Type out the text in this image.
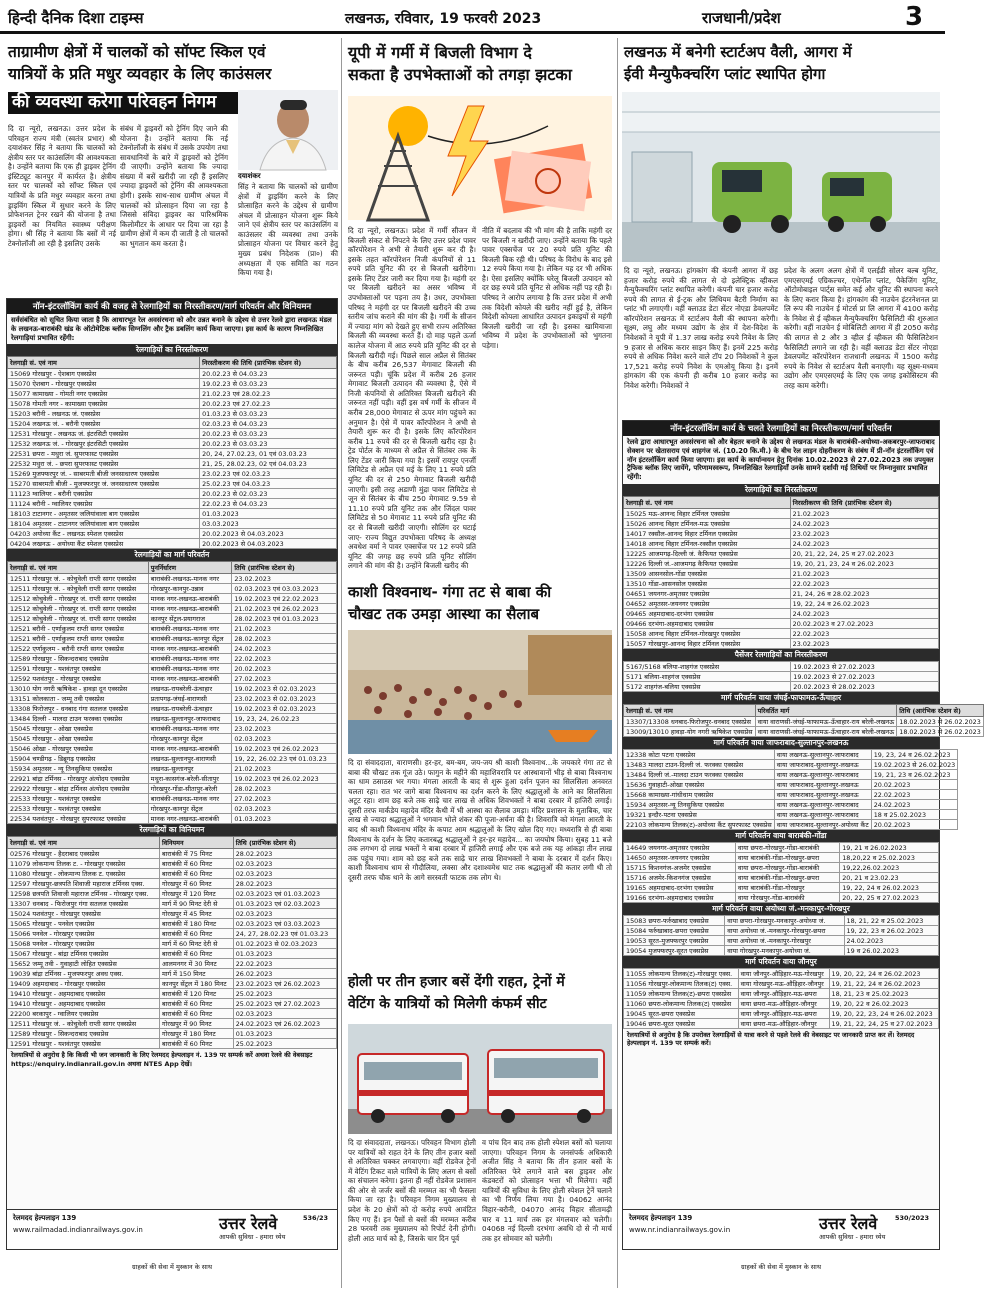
हिन्दी दैनिक दिशा टाइम्स	लखनऊ, रविवार, 19 फरवरी 2023	राजधानी/प्रदेश	3
ताग्रामीण क्षेत्रों में चालकों को सॉफ्ट स्किल एवं
यात्रियों के प्रति मधुर व्यवहार के लिए काउंसलर
की व्यवस्था करेगा परिवहन निगम
दि दा न्यूरो, लखनऊ। उत्तर प्रदेश के परिवहन राज्य मंत्री (स्वतंत्र प्रभार) श्री दयाशंकर सिंह ने बताया कि चालकों को क्षेत्रीय स्तर पर काउंसलिंग की आवश्यकता है। उन्होंने बताया कि एक ही ड्राइवर ट्रेनिंग इंस्टिट्यूट कानपुर में कार्यरत है। क्षेत्रीय स्तर पर चालकों को सॉफ्ट स्किल एवं यात्रियों के प्रति मधुर व्यवहार करना तथा ड्राइविंग स्किल में सुधार करने के लिए प्रोफेशनल ट्रेनर रखने की योजना है तथा ड्राइवरों का नियमित स्वास्थ्य परीक्षण होगा। श्री सिंह ने बताया कि बसों में नई टेक्नोलॉजी आ रही है इसलिए उसके
संबंध में ड्राइवरों को ट्रेनिंग दिए जाने की योजना है। उन्होंने बताया कि नई टेक्नोलॉजी के संबंध में उसके उपयोग तथा सावधानियों के बारे में ड्राइवरों को ट्रेनिंग दी जाएगी। उन्होंने बताया कि ज्यादा संख्या में बसें खरीदी जा रही हैं इसलिए ज्यादा ड्राइवरों को ट्रेनिंग की आवश्यकता होगी। इसके साथ-साथ ग्रामीण अंचल में चालकों को प्रोत्साहन दिया जा रहा है जिससे संविदा ड्राइवर का पारिश्रमिक किलोमीटर के आधार पर दिया जा रहा है ग्रामीण क्षेत्रों में कम दी जाती है तो चालकों का भुगतान कम करता है।
दयाशंकर
सिंह ने बताया कि चालकों को ग्रामीण क्षेत्रों में ड्राइविंग करने के लिए प्रोत्साहित करने के उद्देश्य से ग्रामीण अंचल में प्रोत्साहन योजना शुरू किये जाने एवं क्षेत्रीय स्तर पर काउंसलिंग व काउंसलर की व्यवस्था तथा उनके प्रोत्साहन योजना पर विचार करने हेतु मुख्य प्रबंध निदेशक (प्रा०) की अध्यक्षता में एक समिति का गठन किया गया है।
नॉन-इंटरलॉकिंग कार्य की वजह से रेलगाड़ियों का निरस्तीकरण/मार्ग परिवर्तन और विनियमन
सर्वसंबंधित को सूचित किया जाता है कि आधारभूत रेल अवसंरचना को और उन्नत बनाने के उद्देश्य से उत्तर रेलवे द्वारा लखनऊ मंडल के लखनऊ-बाराबंकी खंड के ऑटोमेटिक ब्लॉक सिग्नलिंग और ट्रैक डबलिंग कार्य किया जाएगा। इस कार्य के कारण निम्नलिखित रेलगाड़ियां प्रभावित रहेंगी:
रेलगाड़ियों का निरस्तीकरण
रेलगाड़ी सं. एवं नाम	निरस्तीकरण की तिथि (प्रारंभिक स्टेशन से)
15069 गोरखपुर - ऐशबाग एक्सप्रेस	20.02.23 से 04.03.23
15070 ऐशबाग - गोरखपुर एक्सप्रेस	19.02.23 से 03.03.23
15077 कामाख्या - गोमती नगर एक्सप्रेस	21.02.23 एवं 28.02.23
15078 गोमती नगर - कामाख्या एक्सप्रेस	20.02.23 एवं 27.02.23
15203 बरौनी - लखनऊ जं. एक्सप्रेस	01.03.23 से 03.03.23
15204 लखनऊ जं. - बरौनी एक्सप्रेस	02.03.23 से 04.03.23
12531 गोरखपुर - लखनऊ जं. इंटरसिटी एक्सप्रेस	20.02.23 से 03.03.23
12532 लखनऊ जं. - गोरखपुर इंटरसिटी एक्सप्रेस	20.02.23 से 03.03.23
22531 छपरा - मथुरा जं. सुपरफास्ट एक्सप्रेस	20, 24, 27.02.23, 01 एवं 03.03.23
22532 मथुरा जं. - छपरा सुपरफास्ट एक्सप्रेस	21, 25, 28.02.23, 02 एवं 04.03.23
15269 मुजफ्फरपुर जं. - साबरमती बीजी जनसाधारण एक्सप्रेस	23.02.23 एवं 02.03.23
15270 साबरमती बीजी - मुजफ्फरपुर जं. जनसाधारण एक्सप्रेस	25.02.23 एवं 04.03.23
11123 ग्वालियर - बरौनी एक्सप्रेस	20.02.23 से 02.03.23
11124 बरौनी - ग्वालियर एक्सप्रेस	22.02.23 से 04.03.23
18103 टाटानगर - अमृतसर जलियांवाला बाग एक्सप्रेस	01.03.2023
18104 अमृतसर - टाटानगर जलियांवाला बाग एक्सप्रेस	03.03.2023
04203 अयोध्या कैंट - लखनऊ स्पेशल एक्सप्रेस	20.02.2023 से 04.03.2023
04204 लखनऊ - अयोध्या कैंट स्पेशल एक्सप्रेस	20.02.2023 से 04.03.2023
रेलगाड़ियों का मार्ग परिवर्तन
रेलगाड़ी सं. एवं नाम	पुनर्निर्धारण	तिथि (प्रारंभिक स्टेशन से)
12511 गोरखपुर जं. - कोचुवेली राप्ती सागर एक्सप्रेस	बाराबंकी-लखनऊ-मानक नगर	23.02.2023
12511 गोरखपुर जं. - कोचुवेली राप्ती सागर एक्सप्रेस	गोरखपुर-कानपुर-उन्नाव	02.03.2023 एवं 03.03.2023
12512 कोचुवेली - गोरखपुर जं. राप्ती सागर एक्सप्रेस	मानक नगर-लखनऊ-बाराबंकी	19.02.2023 एवं 22.02.2023
12512 कोचुवेली - गोरखपुर जं. राप्ती सागर एक्सप्रेस	मानक नगर-लखनऊ-बाराबंकी	21.02.2023 एवं 26.02.2023
12512 कोचुवेली - गोरखपुर जं. राप्ती सागर एक्सप्रेस	कानपुर सेंट्रल-प्रयागराज	28.02.2023 एवं 01.03.2023
12521 बरौनी - एर्णाकुलम राप्ती सागर एक्सप्रेस	बाराबंकी-लखनऊ-मानक नगर	21.02.2023
12521 बरौनी - एर्णाकुलम राप्ती सागर एक्सप्रेस	बाराबंकी-लखनऊ-कानपुर सेंट्रल	28.02.2023
12522 एर्णाकुलम - बरौनी राप्ती सागर एक्सप्रेस	मानक नगर-लखनऊ-बाराबंकी	24.02.2023
12589 गोरखपुर - सिकन्दराबाद एक्सप्रेस	बाराबंकी-लखनऊ-मानक नगर	22.02.2023
12591 गोरखपुर - यशवंतपुर एक्सप्रेस	बाराबंकी-लखनऊ-मानक नगर	20.02.2023
12592 यशवंतपुर - गोरखपुर एक्सप्रेस	मानक नगर-लखनऊ-बाराबंकी	27.02.2023
13010 योग नगरी ऋषिकेश - हावड़ा दून एक्सप्रेस	लखनऊ-रायबरेली-ऊंचाहार	19.02.2023 से 02.03.2023
13151 कोलकाता - जम्मू तवी एक्सप्रेस	प्रतापगढ़-जंघई-वाराणसी	23.02.2023 से 02.03.2023
13308 फिरोजपुर - धनबाद गंगा सतलज एक्सप्रेस	लखनऊ-रायबरेली-ऊंचाहार	19.02.2023 से 02.03.2023
13484 दिल्ली - मालदा टाउन फरक्का एक्सप्रेस	लखनऊ-सुल्तानपुर-जाफराबाद	19, 23, 24, 26.02.23
15045 गोरखपुर - ओखा एक्सप्रेस	बाराबंकी-लखनऊ-मानक नगर	23.02.2023
15045 गोरखपुर - ओखा एक्सप्रेस	गोरखपुर-कानपुर सेंट्रल	02.03.2023
15046 ओखा - गोरखपुर एक्सप्रेस	मानक नगर-लखनऊ-बाराबंकी	19.02.2023 एवं 26.02.2023
15904 चण्डीगढ़ - डिब्रूगढ़ एक्सप्रेस	लखनऊ-सुल्तानपुर-वाराणसी	19, 22, 26.02.23 एवं 01.03.23
15934 अमृतसर - न्यू तिनसुकिया एक्सप्रेस	लखनऊ-सुल्तानपुर	21.02.2023
22921 बांद्रा टर्मिनस - गोरखपुर अंत्योदय एक्सप्रेस	मथुरा-कासगंज-बरेली-सीतापुर	19.02.2023 एवं 26.02.2023
22922 गोरखपुर - बांद्रा टर्मिनस अंत्योदय एक्सप्रेस	गोरखपुर-गोंडा-सीतापुर-बरेली	28.02.2023
22533 गोरखपुर - यशवंतपुर एक्सप्रेस	बाराबंकी-लखनऊ-मानक नगर	27.02.2023
22533 गोरखपुर - यशवंतपुर एक्सप्रेस	गोरखपुर-कानपुर सेंट्रल	02.03.2023
22534 यशवंतपुर - गोरखपुर सुपरफास्ट एक्सप्रेस	मानक नगर-लखनऊ-बाराबंकी	01.03.2023
रेलगाड़ियों का विनियमन
रेलगाड़ी सं. एवं नाम	विनियमन	तिथि (प्रारंभिक स्टेशन से)
02576 गोरखपुर - हैदराबाद एक्सप्रेस	बाराबंकी में 75 मिनट	28.02.2023
11079 लोकमान्य तिलक ट. - गोरखपुर एक्सप्रेस	बाराबंकी में 60 मिनट	02.03.2023
11080 गोरखपुर - लोकमान्य तिलक ट. एक्सप्रेस	बाराबंकी में 60 मिनट	02.03.2023
12597 गोरखपुर-छत्रपति शिवाजी महाराज टर्मिनस एक्स.	गोरखपुर में 60 मिनट	28.02.2023
12598 छत्रपति शिवाजी महाराज टर्मिनस - गोरखपुर एक्स.	गोरखपुर में 120 मिनट	02.03.2023 एवं 01.03.2023
13307 धनबाद - फिरोजपुर गंगा सतलज एक्सप्रेस	मार्ग में 90 मिनट देरी से	01.03.2023 एवं 02.03.2023
15024 यशवंतपुर - गोरखपुर एक्सप्रेस	गोरखपुर में 45 मिनट	02.03.2023
15065 गोरखपुर - पनवेल एक्सप्रेस	बाराबंकी में 180 मिनट	02.03.2023 एवं 03.03.2023
15066 पनवेल - गोरखपुर एक्सप्रेस	बाराबंकी में 60 मिनट	24, 27, 28.02.23 एवं 01.03.23
15068 पनवेल - गोरखपुर एक्सप्रेस	मार्ग में 60 मिनट देरी से	01.02.2023 से 02.03.2023
15067 गोरखपुर - बांद्रा टर्मिनस एक्सप्रेस	बाराबंकी में 60 मिनट	01.03.2023
15652 जम्मू तवी - गुवाहाटी लोहित एक्सप्रेस	आलमनगर में 30 मिनट	22.02.2023
19039 बांद्रा टर्मिनस - मुजफ्फरपुर अवध एक्स.	मार्ग में 150 मिनट	26.02.2023
19409 अहमदाबाद - गोरखपुर एक्सप्रेस	कानपुर सेंट्रल में 180 मिनट	23.02.2023 एवं 26.02.2023
19410 गोरखपुर - अहमदाबाद एक्सप्रेस	बाराबंकी में 120 मिनट	25.02.2023
19410 गोरखपुर - अहमदाबाद एक्सप्रेस	बाराबंकी में 60 मिनट	25.02.2023 एवं 27.02.2023
22200 बरकापुर - ग्वालियर एक्सप्रेस	बाराबंकी में 60 मिनट	02.03.2023
12511 गोरखपुर जं. - कोचुवेली राप्ती सागर एक्सप्रेस	गोरखपुर में 90 मिनट	24.02.2023 एवं 26.02.2023
12589 गोरखपुर - सिकन्दराबाद एक्सप्रेस	गोरखपुर में 180 मिनट	01.03.2023
12591 गोरखपुर - यशवंतपुर एक्सप्रेस	बाराबंकी में 60 मिनट	25.02.2023
रेलयात्रियों से अनुरोध है कि किसी भी जन जानकारी के लिए रेलमदद हेल्पलाइन नं. 139 पर सम्पर्क करें अथवा रेलवे की वेबसाइट https://enquiry.indianrail.gov.in अथवा NTES App देखें।
रेलमदद हेल्पलाइन 139
www.railmadad.indianrailways.gov.in	उत्तर रेलवे
आपकी सुविधा - हमारा ध्येय
536/23
ग्राहकों की सेवा में मुस्कान के साथ
यूपी में गर्मी में बिजली विभाग दे
सकता है उपभेक्ताओं को तगड़ा झटका
दि दा न्यूरो, लखनऊ। प्रदेश में गर्मी सीजन में बिजली संकट से निपटने के लिए उत्तर प्रदेश पावर कॉरपोरेशन ने अभी से तैयारी शुरू कर दी है। इसके तहत कॉरपोरेशन निजी कंपनियों से 11 रुपये प्रति यूनिट की दर से बिजली खरीदेगा। इसके लिए टेंडर जारी कर दिया गया है। महंगी दर पर बिजली खरीदने का असर भविष्य में उपभोक्ताओं पर पड़ना तय है। उधर, उपभोक्ता परिषद ने महंगी दर पर बिजली खरीदने की उच्च स्तरीय जांच कराने की मांग की है। गर्मी के सीजन में ज्यादा मांग को देखते हुए सभी राज्य अतिरिक्त बिजली की व्यवस्था करते हैं। दो माह पहले ऊर्जा कालेज योजना में आठ रुपये प्रति यूनिट की दर से बिजली खरीदी गई। पिछले साल अप्रैल से सितंबर के बीच करीब 26,537 मेगावाट बिजली की जरूरत पड़ी। चूंकि प्रदेश में करीब 26 हजार मेगावाट बिजली उत्पादन की व्यवस्था है, ऐसे में निजी कंपनियों से अतिरिक्त बिजली खरीदने की जरूरत नहीं पड़ी। वहीं इस वर्ष गर्मी के सीजन में करीब 28,000 मेगावाट से ऊपर मांग पहुंचने का अनुमान है। ऐसे में पावर कॉरपोरेशन ने अभी से तैयारी शुरू कर दी है। इसके लिए कॉरपोरेशन करीब 11 रुपये की दर से बिजली खरीद रहा है। ट्रेड पोर्टल के माध्यम से अप्रैल से सितंबर तक के लिए टेंडर जारी किया गया है। इसमें रायपुर एनर्जी लिमिटेड से अप्रैल एवं मई के लिए 11 रुपये प्रति यूनिट की दर से 250 मेगावाट बिजली खरीदी जाएगी। इसी तरह अडाणी मुंद्रा पावर लिमिटेड से जून से सितंबर के बीच 250 मेगावाट 9.59 से 11.10 रुपये प्रति यूनिट तक और जिंदल पावर लिमिटेड से 50 मेगावाट 11 रुपये प्रति यूनिट की दर से बिजली खरीदी जाएगी। सौलिंग दर घटाई जाए- राज्य विद्युत उपभोक्ता परिषद के अध्यक्ष अवधेश वर्मा ने पावर एक्सचेंज पर 12 रुपये प्रति यूनिट की जगह छह रुपये प्रति यूनिट सौलिंग लगाने की मांग की है। उन्होंने बिजली खरीद की
नीति में बदलाव की भी मांग की है ताकि महंगी दर पर बिजली न खरीदी जाए। उन्होंने बताया कि पहले पावर एक्सचेंज पर 20 रुपये प्रति यूनिट की बिजली बिक रही थी। परिषद के विरोध के बाद इसे 12 रुपये किया गया है। लेकिन यह दर भी अधिक है। ऐसा इसलिए क्योंकि घरेलू बिजली उत्पादन को दर छह रुपये प्रति यूनिट से अधिक नहीं पड़ रही है। परिषद ने आरोप लगाया है कि उत्तर प्रदेश में अभी तक विदेशी कोयले की खरीद नहीं हुई है, लेकिन विदेशी कोयला आधारित उत्पादन इकाइयों से महंगी बिजली खरीदी जा रही है। इसका खामियाजा भविष्य में प्रदेश के उपभोक्ताओं को भुगतना पड़ेगा।
काशी विश्वनाथ- गंगा तट से बाबा की
चौखट तक उमड़ा आस्था का सैलाब
दि दा संवाददाता, वाराणसी। हर-हर, बम-बम, जय-जय श्री काशी विश्वनाथ...के जयकारे गंगा तट से बाबा की चौखट तक गूंज उठे। फागुन के महीने की महाशिवरात्रि पर आस्थावानों भीड़ से बाबा विश्वनाथ का धाम ठसाठस भर गया। मंगला आरती के बाद से शुरू हुआ दर्शन पूजन का सिलसिला अनवरत चलता रहा। रात भर जागे बाबा विश्वनाथ का दर्शन करने के लिए श्रद्धालुओं के आने का सिलसिला अटूट रहा। शाम छह बजे तक साढ़े चार लाख से अधिक शिवभक्तों ने बाबा दरबार में हाजिरी लगाई। दूसरी तरफ मार्कंडेय महादेव मंदिर कैथी में भी आस्था का सैलाब उमड़ा। मंदिर प्रशासन के मुताबिक, चार लाख से ज्यादा श्रद्धालुओं ने भगवान भोले शंकर की पूजा-अर्चना की है। शिवरात्रि को मंगला आरती के बाद श्री काशी विश्वनाथ मंदिर के कपाट आम श्रद्धालुओं के लिए खोल दिए गए। मध्यरात्रि से ही बाबा विश्वनाथ के दर्शन के लिए कतारबद्ध श्रद्धालुओं ने हर-हर महादेव... का जयघोष किया। सुबह 11 बजे तक लगभग दो लाख भक्तों ने बाबा दरबार में हाजिरी लगाई और एक बजे तक यह आंकड़ा तीन लाख तक पहुंच गया। शाम को छह बजे तक साढ़े चार लाख शिवभक्तों ने बाबा के दरबार में दर्शन किए। काशी विश्वनाथ धाम से गौदौलिया, लक्सा और दशाश्वमेध घाट तक श्रद्धालुओं की कतार लगी थी तो दूसरी तरफ चौक थाने के आगे सरस्वती फाटक तक लोग थे।
होली पर तीन हजार बसें देंगी राहत, ट्रेनों में
वेटिंग के यात्रियों को मिलेगी कंफर्म सीट
दि दा संवाददाता, लखनऊ। परिवहन विभाग होली पर यात्रियों को राहत देने के लिए तीन हजार बसों से अतिरिक्त चक्कर लगवाएगा। वहीं रोडवेज ट्रेनों में वेटिंग टिकट वाले यात्रियों के लिए अलग से बसों का संचालन करेगा। इतना ही नहीं रोडवेज प्रशासन की ओर से जर्जर बसों की मरम्मत का भी फैसला किया जा रहा है। परिवहन निगम मुख्यालय से प्रदेश के 20 क्षेत्रों को दो करोड़ रुपये आवंटित किए गए हैं। इन पैसों से बसों की मरम्मत करीब 28 फरवरी तक मुख्यालय को रिपोर्ट देनी होगी। होली आठ मार्च को है, जिसके चार दिन पूर्व
व पांच दिन बाद तक होली स्पेशल बसों को चलाया जाएगा। परिवहन निगम के जनसंपर्क अधिकारी अजीत सिंह ने बताया कि तीन हजार बसों के अतिरिक्त फेरे लगाने वाले बस ड्राइवर और कंडक्टरों को प्रोत्साहन भत्ता भी मिलेगा। वहीं यात्रियों की सुविधा के लिए होली स्पेशल ट्रेनें चलाने का भी निर्णय लिया गया है। 04062 आनंद विहार-बरौनी, 04070 आनंद विहार सीतामढ़ी चार व 11 मार्च तक हर मंगलवार को चलेगी। 04068 नई दिल्ली दरभंगा अवधि दो से नौ मार्च तक हर सोमवार को चलेगी।
लखनऊ में बनेगी स्टार्टअप वैली, आगरा में
ईवी मैन्युफैक्चरिंग प्लांट स्थापित होगा
दि दा न्यूरो, लखनऊ। हांगकांग की कंपनी आगरा में छह हजार करोड़ रुपये की लागत से दो इलेक्ट्रिक व्हीकल मैन्युफैक्चरिंग प्लांट स्थापित करेगी। कंपनी चार हजार करोड़ रुपये की लागत से ई-ट्रक और लिथियम बैटरी निर्माण का प्लांट भी लगाएगी। वहीं क्लाउड डेटा सेंटर नोएडा डेवलपमेंट कॉरपोरेशन लखनऊ में स्टार्टअप वैली की स्थापना करेगी। सूक्ष्म, लघु और मध्यम उद्योग के क्षेत्र में देश-विदेश के निवेशकों ने यूपी में 1.37 लाख करोड़ रुपये निवेश के लिए 9 हजार से अधिक करार साइन किए हैं। इनमें 225 करोड़ रुपये से अधिक निवेश करने वाले टॉप 20 निवेशकों ने कुल 17,521 करोड़ रुपये निवेश के एमओयू किया है। इनमें हांगकांग की एक कंपनी ही करीब 10 हजार करोड़ का निवेश करेगी। निवेशकों ने
प्रदेश के अलग अलग क्षेत्रों में एलईडी सोलर बल्ब यूनिट, एमएसएमई एग्रिकल्चर, एथेनॉल प्लांट, पैकेजिंग यूनिट, ऑटोमोबाइल पार्ट्स समेत कई और यूनिट की स्थापना करने के लिए करार किया है। हांगकांग की नाउचेन इंटरनेशनल प्रा लि रूप की नाउचेन ई मोटर्स प्रा लि आगरा में 4100 करोड़ के निवेश से ई व्हीकल मैन्युफैक्चरिंग फैसिलिटी की शुरुआत करेगी। वहीं नाउचेन ई मोबिलिटी आगरा में ही 2050 करोड़ की लागत से 2 और 3 व्हील ई व्हीकल की फैसिलिटेशन फैसिलिटी लगाने जा रही है। वहीं क्लाउड डेटा सेंटर नोएडा डेवलपमेंट कॉरपोरेशन राजधानी लखनऊ में 1500 करोड़ रुपये के निवेश से स्टार्टअप वैली बनाएगी। यह सूक्ष्म-मध्यम उद्योग और एमएसएमई के लिए एक जगह इकोसिस्टम की तरह काम करेगी।
नॉन-इंटरलॉकिंग कार्य के चलते रेलगाड़ियों का निरस्तीकरण/मार्ग परिवर्तन
रेलवे द्वारा आधारभूत अवसंरचना को और बेहतर बनाने के उद्देश्य से लखनऊ मंडल के बाराबंकी-अयोध्या-अकबरपुर-जाफराबाद सेक्शन पर खेतासराय एवं शाहगंज जं. (10.20 कि.मी.) के बीच रेल लाइन दोहरीकरण के संबंध में प्री-नॉन इंटरलॉकिंग एवं नॉन इंटरलॉकिंग कार्य किया जाएगा। इस कार्य के कार्यान्वयन हेतु दिनांक 10.02.2023 से 27.02.2023 तक उपयुक्त ट्रैफिक ब्लॉक लिए जायेंगे, परिणामस्वरूप, निम्नलिखित रेलगाड़ियाँ उनके सामने दर्शायी गई तिथियों पर निम्नानुसार प्रभावित रहेंगी:
रेलगाड़ियों का निरस्तीकरण
रेलगाड़ी सं. एवं नाम	निरस्तीकरण की तिथि (प्रारंभिक स्टेशन से)
15025 मऊ-आनन्द विहार टर्मिनल एक्सप्रेस	21.02.2023
15026 आनन्द विहार टर्मिनल-मऊ एक्सप्रेस	24.02.2023
14017 रक्सौल-आनन्द विहार टर्मिनल एक्सप्रेस	23.02.2023
14018 आनन्द विहार टर्मिनल-रक्सौल एक्सप्रेस	24.02.2023
12225 आजमगढ़-दिल्ली जं. कैफियत एक्सप्रेस	20, 21, 22, 24, 25 व 27.02.2023
12226 दिल्ली जं.-आजमगढ़ कैफियत एक्सप्रेस	19, 20, 21, 23, 24 व 26.02.2023
13509 आसनसोल-गोंडा एक्सप्रेस	21.02.2023
13510 गोंडा-आसनसोल एक्सप्रेस	22.02.2023
04651 जयनगर-अमृतसर एक्सप्रेस	21, 24, 26 व 28.02.2023
04652 अमृतसर-जयनगर एक्सप्रेस	19, 22, 24 व 26.02.2023
09465 अहमदाबाद-दरभंगा एक्सप्रेस	24.02.2023
09466 दरभंगा-अहमदाबाद एक्सप्रेस	20.02.2023 व 27.02.2023
15058 आनन्द विहार टर्मिनल-गोरखपुर एक्सप्रेस	22.02.2023
15057 गोरखपुर-आनन्द विहार टर्मिनल एक्सप्रेस	23.02.2023
पैसेंजर रेलगाड़ियों का निरस्तीकरण
5167/5168 बलिया-शाहगंज एक्सप्रेस	19.02.2023 से 27.02.2023
5171 बलिया-शाहगंज एक्सप्रेस	19.02.2023 से 27.02.2023
5172 शाहगंज-बलिया एक्सप्रेस	20.02.2023 से 28.02.2023
मार्ग परिवर्तन वाया जंघई-फाफामऊ-ऊँचाहार
रेलगाड़ी सं. एवं नाम	परिवर्तित मार्ग	तिथि (आरंभिक स्टेशन से)
13307/13308 धनबाद-फिरोजपुर-धनबाद एक्सप्रेस	वाया वाराणसी-जंघई-फाफामऊ-ऊँचाहार-राय बरेली-लखनऊ	18.02.2023 से 26.02.2023
13009/13010 हावड़ा-योग नगरी ऋषिकेश एक्सप्रेस	वाया वाराणसी-जंघई-फाफामऊ-ऊँचाहार-राय बरेली-लखनऊ	18.02.2023 से 26.02.2023
मार्ग परिवर्तन वाया जाफराबाद-सुल्तानपुर-लखनऊ
12338 कोटा पटना एक्सप्रेस	वाया लखनऊ-सुल्तानपुर-जाफराबाद	19, 23, 24 व 26.02.2023
13483 मालदा टाउन-दिल्ली जं. फरक्का एक्सप्रेस	वाया जाफराबाद-सुल्तानपुर-लखनऊ	19.02.2023 से 26.02.2023
13484 दिल्ली जं.-मालदा टाउन फरक्का एक्सप्रेस	वाया लखनऊ-सुल्तानपुर-जाफराबाद	19, 21, 23 व 26.02.2023
15636 गुवाहाटी-ओखा एक्सप्रेस	वाया जाफराबाद-सुल्तानपुर-लखनऊ	20.02.2023
15668 कामाख्या-गांधीधाम एक्सप्रेस	वाया जाफराबाद-सुल्तानपुर-लखनऊ	22.02.2023
15934 अमृतसर-न्यू तिनसुकिया एक्सप्रेस	वाया लखनऊ-सुल्तानपुर-जाफराबाद	24.02.2023
19321 इन्दौर-पटना एक्सप्रेस	वाया लखनऊ-सुल्तानपुर-जाफराबाद	18 व 25.02.2023
22103 लोकमान्य तिलक(ट)-अयोध्या कैंट सुपरफास्ट एक्सप्रेस	वाया जाफराबाद-सुल्तानपुर-अयोध्या कैंट	20.02.2023
मार्ग परिवर्तन वाया बाराबंकी-गोंडा
14649 जयनगर-अमृतसर एक्सप्रेस	वाया छपरा-गोरखपुर-गोंडा-बाराबंकी	19, 21 व 26.02.2023
14650 अमृतसर-जयनगर एक्सप्रेस	वाया बाराबंकी-गोंडा-गोरखपुर-छपरा	18,20,22 व 25.02.2023
15715 किशनगंज-अजमेर एक्सप्रेस	वाया छपरा-गोरखपुर-गोंडा-बाराबंकी	19,22,26.02.2023
15716 अजमेर-किशनगंज एक्सप्रेस	वाया बाराबंकी-गोंडा-गोरखपुर-छपरा	20, 21 व 23.02.23
19165 अहमदाबाद-दरभंगा एक्सप्रेस	वाया बाराबंकी-गोंडा-गोरखपुर	19, 22, 24 व 26.02.2023
19166 दरभंगा-अहमदाबाद एक्सप्रेस	वाया गोरखपुर-गोंडा-बाराबंकी	20, 22, 25 व 27.02.2023
मार्ग परिवर्तन वाया अयोध्या जं.-मनकापुर-गोरखपुर
15083 छपरा-फर्रुखाबाद एक्सप्रेस	वाया छपरा-गोरखपुर-मनकापुर-अयोध्या जं.	18, 21, 22 व 25.02.2023
15084 फर्रुखाबाद-छपरा एक्सप्रेस	वाया अयोध्या जं.-मनकापुर-गोरखपुर-छपरा	19, 22, 23 व 26.02.2023
19053 सूरत-मुजफ्फरपुर एक्सप्रेस	वाया अयोध्या जं.-मनकापुर-गोरखपुर	24.02.2023
19054 मुजफ्फरपुर-सूरत एक्सप्रेस	वाया गोरखपुर-मनकापुर-अयोध्या जं.	19 व 26.02.2023
मार्ग परिवर्तन वाया जौनपुर
11055 लोकमान्य तिलक(ट)-गोरखपुर एक्स.	वाया जौनपुर-औड़िहार-मऊ-गोरखपुर	19, 20, 22, 24 व 26.02.2023
11056 गोरखपुर-लोकमान्य तिलक(ट) एक्स.	वाया गोरखपुर-मऊ-औड़िहार-जौनपुर	19, 21, 22, 24 व 26.02.2023
11059 लोकमान्य तिलक(ट)-छपरा एक्सप्रेस	वाया जौनपुर-औड़िहार-मऊ-छपरा	18, 21, 23 व 25.02.2023
11060 छपरा-लोकमान्य तिलक(ट) एक्सप्रेस	वाया छपरा-मऊ-औड़िहार-जौनपुर	19, 20, 22 व 26.02.2023
19045 सूरत-छपरा एक्सप्रेस	वाया जौनपुर-औड़िहार-मऊ-छपरा	19, 20, 22, 23, 24 व 26.02.2023
19046 छपरा-सूरत एक्सप्रेस	वाया छपरा-मऊ-औड़िहार-जौनपुर	19, 21, 22, 24, 25 व 27.02.2023
रेलयात्रियों से अनुरोध है कि उपरोक्त रेलगाड़ियों से यात्रा करने से पहले रेलवे की वेबसाइट पर जानकारी प्राप्त कर लें। रेलमदद हेल्पलाइन नं. 139 पर सम्पर्क करें।
रेलमदद हेल्पलाइन 139
www.nr.indianrailways.gov.in	उत्तर रेलवे
आपकी सुविधा - हमारा ध्येय
530/2023
ग्राहकों की सेवा में मुस्कान के साथ
